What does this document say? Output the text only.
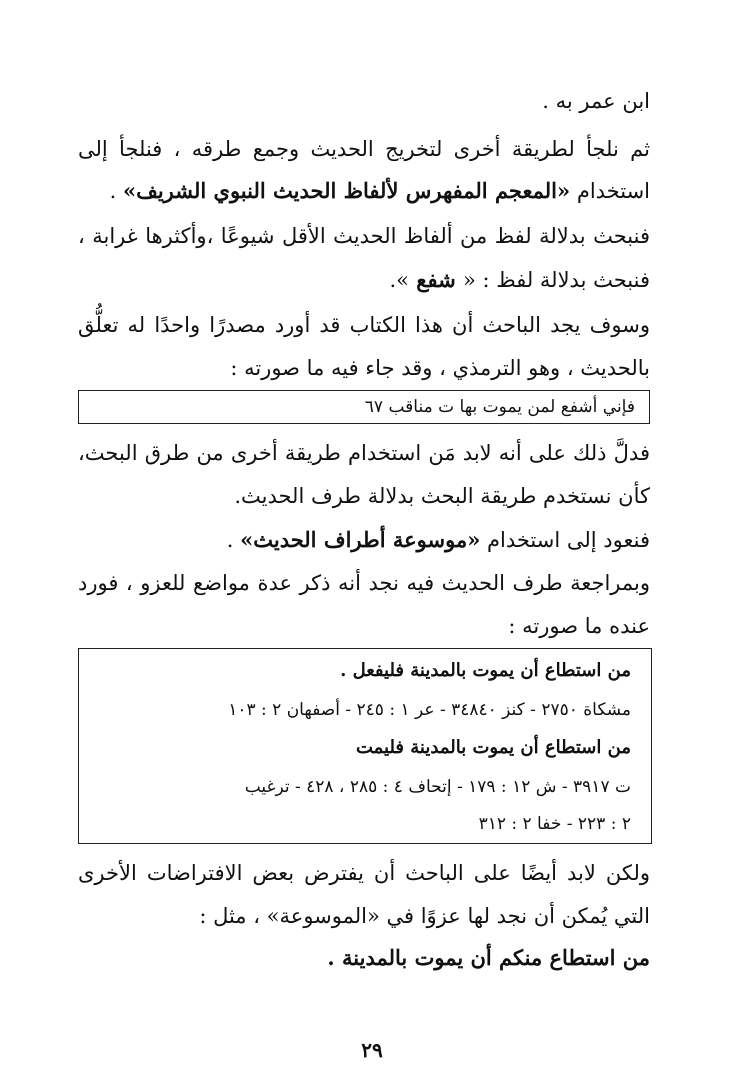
ابن عمر به .
ثم نلجأ لطريقة أخرى لتخريج الحديث وجمع طرقه ، فنلجأ إلى
استخدام «المعجم المفهرس لألفاظ الحديث النبوي الشريف» .
فنبحث بدلالة لفظ من ألفاظ الحديث الأقل شيوعًا ،وأكثرها غرابة ،
فنبحث بدلالة لفظ : « شفع ».
وسوف يجد الباحث أن هذا الكتاب قد أورد مصدرًا واحدًا له تعلُّق
بالحديث ، وهو الترمذي ، وقد جاء فيه ما صورته :
فإني أشفع لمن يموت بها ت مناقب ٦٧
فدلَّ ذلك على أنه لابد مَن استخدام طريقة أخرى من طرق البحث،
كأن نستخدم طريقة البحث بدلالة طرف الحديث.
فنعود إلى استخدام «موسوعة أطراف الحديث» .
وبمراجعة طرف الحديث فيه نجد أنه ذكر عدة مواضع للعزو ، فورد
عنده ما صورته :
من استطاع أن يموت بالمدينة فليفعل .
مشكاة ٢٧٥٠ - كنز ٣٤٨٤٠ - عر ١ : ٢٤٥ - أصفهان ٢ : ١٠٣
من استطاع أن يموت بالمدينة فليمت
ت ٣٩١٧ - ش ١٢ : ١٧٩ - إتحاف ٤ : ٢٨٥ ، ٤٢٨ - ترغيب
٢ : ٢٢٣ - خفا ٢ : ٣١٢
ولكن لابد أيضًا على الباحث أن يفترض بعض الافتراضات الأخرى
التي يُمكن أن نجد لها عزوًا في «الموسوعة» ، مثل :
من استطاع منكم أن يموت بالمدينة .
٢٩
